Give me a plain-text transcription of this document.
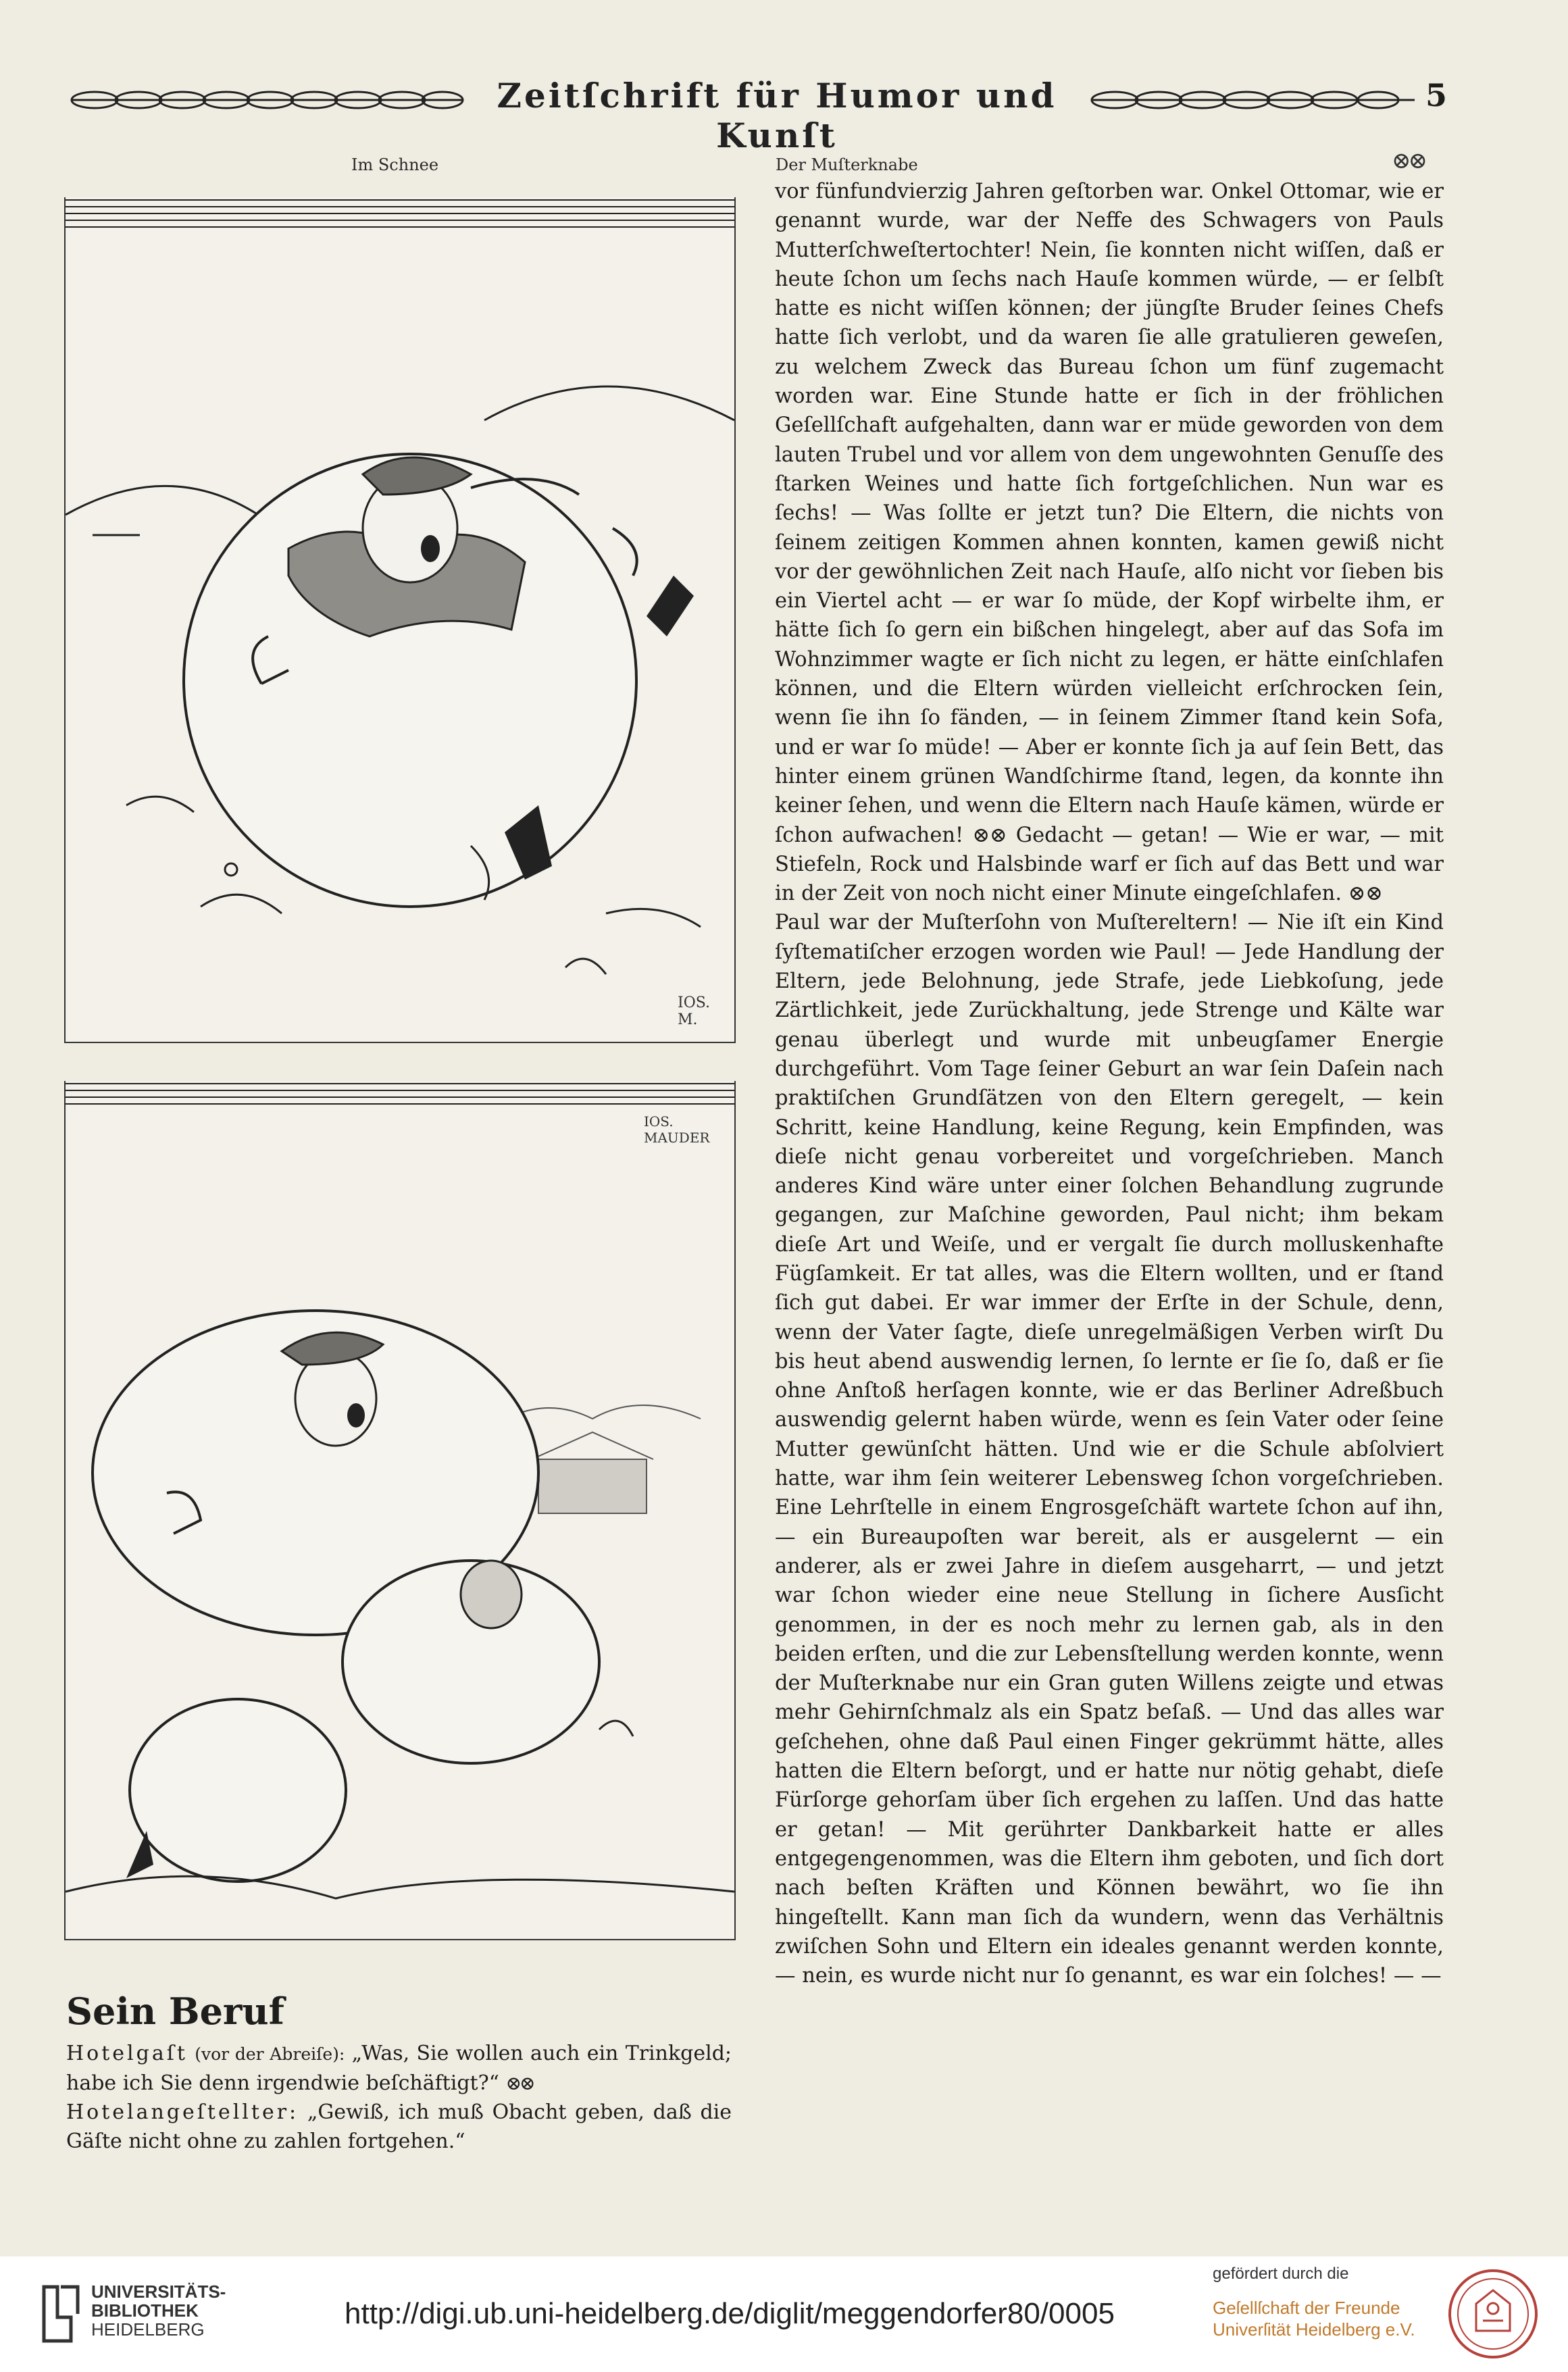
Zeitſchrift für Humor und Kunſt
5
Im Schnee	Der Muſterknabe	⊗⊗
IOS. M.
IOS. MAUDER

vor fünfundvierzig Jahren geſtorben war. Onkel Ottomar, wie er genannt wurde, war der Neffe des Schwagers von Pauls Mutterſchweſtertochter! Nein, ſie konnten nicht wiſſen, daß er heute ſchon um ſechs nach Hauſe kommen würde, — er ſelbſt hatte es nicht wiſſen können; der jüngſte Bruder ſeines Chefs hatte ſich verlobt, und da waren ſie alle gratulieren geweſen, zu welchem Zweck das Bureau ſchon um fünf zugemacht worden war. Eine Stunde hatte er ſich in der fröhlichen Geſellſchaft aufgehalten, dann war er müde geworden von dem lauten Trubel und vor allem von dem ungewohnten Genuſſe des ſtarken Weines und hatte ſich fortgeſchlichen. Nun war es ſechs! — Was ſollte er jetzt tun? Die Eltern, die nichts von ſeinem zeitigen Kommen ahnen konnten, kamen gewiß nicht vor der gewöhnlichen Zeit nach Hauſe, alſo nicht vor ſieben bis ein Viertel acht — er war ſo müde, der Kopf wirbelte ihm, er hätte ſich ſo gern ein bißchen hingelegt, aber auf das Sofa im Wohnzimmer wagte er ſich nicht zu legen, er hätte einſchlafen können, und die Eltern würden vielleicht erſchrocken ſein, wenn ſie ihn ſo fänden, — in ſeinem Zimmer ſtand kein Sofa, und er war ſo müde! — Aber er konnte ſich ja auf ſein Bett, das hinter einem grünen Wandſchirme ſtand, legen, da konnte ihn keiner ſehen, und wenn die Eltern nach Hauſe kämen, würde er ſchon aufwachen! ⊗⊗ Gedacht — getan! — Wie er war, — mit Stiefeln, Rock und Halsbinde warf er ſich auf das Bett und war in der Zeit von noch nicht einer Minute eingeſchlafen. ⊗⊗

Paul war der Muſterſohn von Muſtereltern! — Nie iſt ein Kind ſyſtematiſcher erzogen worden wie Paul! — Jede Handlung der Eltern, jede Belohnung, jede Strafe, jede Liebkoſung, jede Zärtlichkeit, jede Zurückhaltung, jede Strenge und Kälte war genau überlegt und wurde mit unbeugſamer Energie durchgeführt. Vom Tage ſeiner Geburt an war ſein Daſein nach praktiſchen Grundſätzen von den Eltern geregelt, — kein Schritt, keine Handlung, keine Regung, kein Empfinden, was dieſe nicht genau vorbereitet und vorgeſchrieben. Manch anderes Kind wäre unter einer ſolchen Behandlung zugrunde gegangen, zur Maſchine geworden, Paul nicht; ihm bekam dieſe Art und Weiſe, und er vergalt ſie durch molluskenhafte Fügſamkeit. Er tat alles, was die Eltern wollten, und er ſtand ſich gut dabei. Er war immer der Erſte in der Schule, denn, wenn der Vater ſagte, dieſe unregelmäßigen Verben wirſt Du bis heut abend auswendig lernen, ſo lernte er ſie ſo, daß er ſie ohne Anſtoß herſagen konnte, wie er das Berliner Adreßbuch auswendig gelernt haben würde, wenn es ſein Vater oder ſeine Mutter gewünſcht hätten. Und wie er die Schule abſolviert hatte, war ihm ſein weiterer Lebensweg ſchon vorgeſchrieben. Eine Lehrſtelle in einem Engrosgeſchäft wartete ſchon auf ihn, — ein Bureaupoſten war bereit, als er ausgelernt — ein anderer, als er zwei Jahre in dieſem ausgeharrt, — und jetzt war ſchon wieder eine neue Stellung in ſichere Ausſicht genommen, in der es noch mehr zu lernen gab, als in den beiden erſten, und die zur Lebensſtellung werden konnte, wenn der Muſterknabe nur ein Gran guten Willens zeigte und etwas mehr Gehirnſchmalz als ein Spatz beſaß. — Und das alles war geſchehen, ohne daß Paul einen Finger gekrümmt hätte, alles hatten die Eltern beſorgt, und er hatte nur nötig gehabt, dieſe Fürſorge gehorſam über ſich ergehen zu laſſen. Und das hatte er getan! — Mit gerührter Dankbarkeit hatte er alles entgegengenommen, was die Eltern ihm geboten, und ſich dort nach beſten Kräften und Können bewährt, wo ſie ihn hingeſtellt. Kann man ſich da wundern, wenn das Verhältnis zwiſchen Sohn und Eltern ein ideales genannt werden konnte, — nein, es wurde nicht nur ſo genannt, es war ein ſolches! — —

Sein Beruf

Hotelgaſt (vor der Abreiſe): „Was, Sie wollen auch ein Trinkgeld; habe ich Sie denn irgendwie beſchäftigt?“ ⊗⊗

Hotelangeſtellter: „Gewiß, ich muß Obacht geben, daß die Gäſte nicht ohne zu zahlen fortgehen.“

UNIVERSITÄTS-
BIBLIOTHEK
HEIDELBERG	http://digi.ub.uni-heidelberg.de/diglit/meggendorfer80/0005
gefördert durch die
Geſellſchaft der Freunde
Univerſität Heidelberg e.V.
